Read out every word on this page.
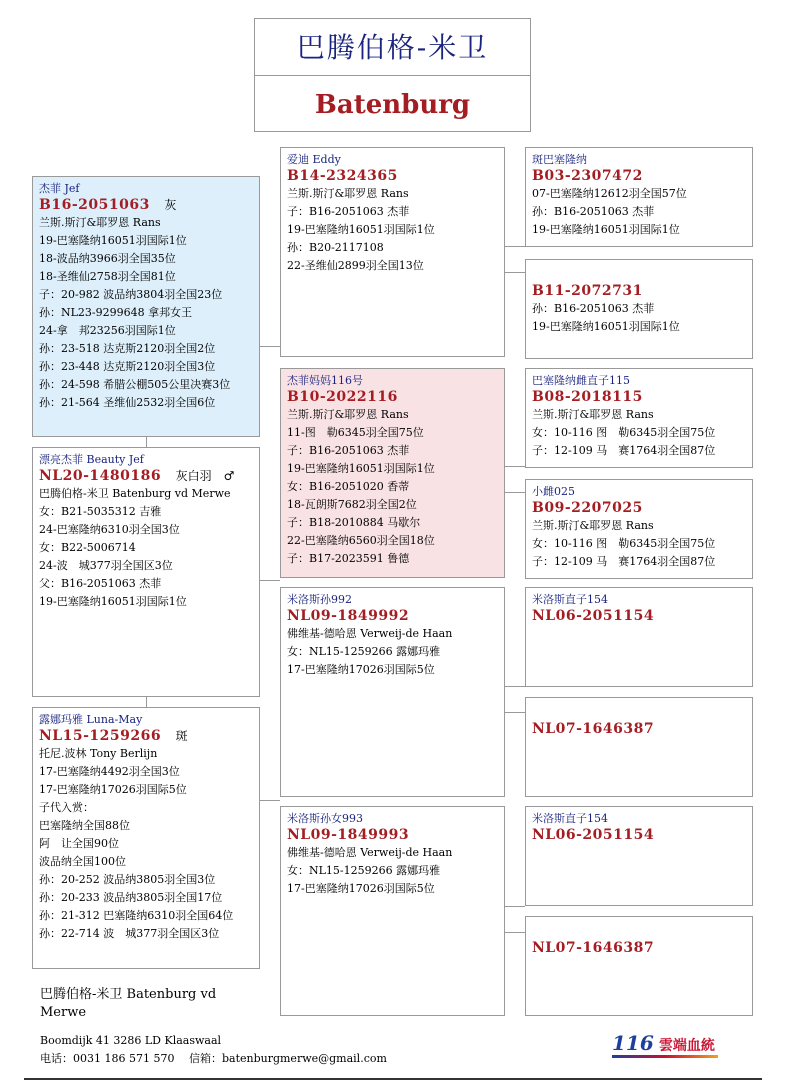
巴腾伯格-米卫
Batenburg
杰菲 Jef
B16-2051063　 灰
兰斯.斯汀&耶罗恩 Rans
19-巴塞隆纳16051羽国际1位
18-波品纳3966羽全国35位
18-圣维仙2758羽全国81位
子：20-982 波品纳3804羽全国23位
孙：NL23-9299648 拿邦女王
24-拿　邦23256羽国际1位
孙：23-518 达克斯2120羽全国2位
孙：23-448 达克斯2120羽全国3位
孙：24-598 希腊公棚505公里决赛3位
孙：21-564 圣维仙2532羽全国6位
漂亮杰菲 Beauty Jef
NL20-1480186　 灰白羽　♂
巴腾伯格-米卫 Batenburg vd Merwe
女：B21-5035312 吉雅
24-巴塞隆纳6310羽全国3位
女：B22-5006714
24-波　城377羽全国区3位
父：B16-2051063 杰菲
19-巴塞隆纳16051羽国际1位
露娜玛雅 Luna-May
NL15-1259266　 斑
托尼.波林 Tony Berlijn
17-巴塞隆纳4492羽全国3位
17-巴塞隆纳17026羽国际5位
子代入赏：
巴塞隆纳全国88位
阿　让全国90位
波品纳全国100位
孙：20-252 波品纳3805羽全国3位
孙：20-233 波品纳3805羽全国17位
孙：21-312 巴塞隆纳6310羽全国64位
孙：22-714 波　城377羽全国区3位
爱迪 Eddy
B14-2324365
兰斯.斯汀&耶罗恩 Rans
子：B16-2051063 杰菲
19-巴塞隆纳16051羽国际1位
孙：B20-2117108
22-圣维仙2899羽全国13位
杰菲妈妈116号
B10-2022116
兰斯.斯汀&耶罗恩 Rans
11-图　勒6345羽全国75位
子：B16-2051063 杰菲
19-巴塞隆纳16051羽国际1位
女：B16-2051020 香蒂
18-瓦朗斯7682羽全国2位
子：B18-2010884 马歇尔
22-巴塞隆纳6560羽全国18位
子：B17-2023591 鲁德
米洛斯孙992
NL09-1849992
佛维基-德哈恩 Verweij-de Haan
女：NL15-1259266 露娜玛雅
17-巴塞隆纳17026羽国际5位
米洛斯孙女993
NL09-1849993
佛维基-德哈恩 Verweij-de Haan
女：NL15-1259266 露娜玛雅
17-巴塞隆纳17026羽国际5位
斑巴塞隆纳
B03-2307472
07-巴塞隆纳12612羽全国57位
孙：B16-2051063 杰菲
19-巴塞隆纳16051羽国际1位
B11-2072731
孙：B16-2051063 杰菲
19-巴塞隆纳16051羽国际1位
巴塞隆纳雌直子115
B08-2018115
兰斯.斯汀&耶罗恩 Rans
女：10-116 图　勒6345羽全国75位
子：12-109 马　赛1764羽全国87位
小雌025
B09-2207025
兰斯.斯汀&耶罗恩 Rans
女：10-116 图　勒6345羽全国75位
子：12-109 马　赛1764羽全国87位
米洛斯直子154
NL06-2051154
NL07-1646387
米洛斯直子154
NL06-2051154
NL07-1646387
巴腾伯格-米卫 Batenburg vd Merwe
Boomdijk 41 3286 LD Klaaswaal
电话：0031 186 571 570　 信箱：batenburgmerwe@gmail.com
116 雲端血統
